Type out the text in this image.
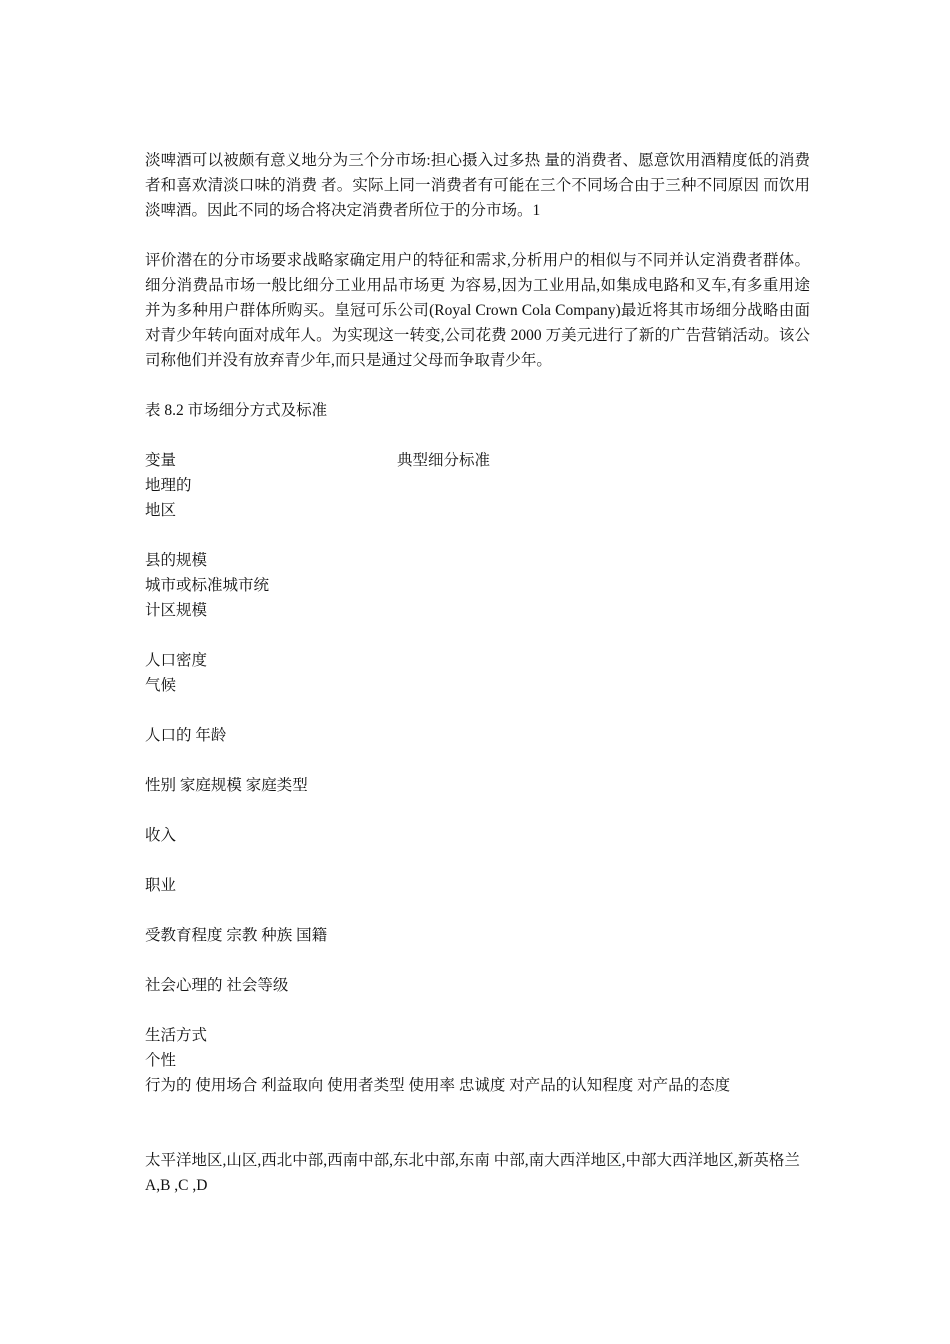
淡啤酒可以被颇有意义地分为三个分市场:担心摄入过多热 量的消费者、愿意饮用酒精度低的消费者和喜欢清淡口味的消费 者。实际上同一消费者有可能在三个不同场合由于三种不同原因 而饮用淡啤酒。因此不同的场合将决定消费者所位于的分市场。1

评价潜在的分市场要求战略家确定用户的特征和需求,分析用户的相似与不同并认定消费者群体。细分消费品市场一般比细分工业用品市场更 为容易,因为工业用品,如集成电路和叉车,有多重用途并为多种用户群体所购买。皇冠可乐公司(Royal Crown Cola Company)最近将其市场细分战略由面对青少年转向面对成年人。为实现这一转变,公司花费 2000 万美元进行了新的广告营销活动。该公司称他们并没有放弃青少年,而只是通过父母而争取青少年。

表 8.2 市场细分方式及标准
变量	典型细分标准
地理的
地区
县的规模
城市或标准城市统
计区规模
人口密度
气候
人口的 年龄
性别 家庭规模 家庭类型
收入
职业
受教育程度 宗教 种族 国籍
社会心理的 社会等级
生活方式
个性
行为的 使用场合 利益取向 使用者类型 使用率 忠诚度 对产品的认知程度 对产品的态度
太平洋地区,山区,西北中部,西南中部,东北中部,东南 中部,南大西洋地区,中部大西洋地区,新英格兰
A,B ,C ,D
